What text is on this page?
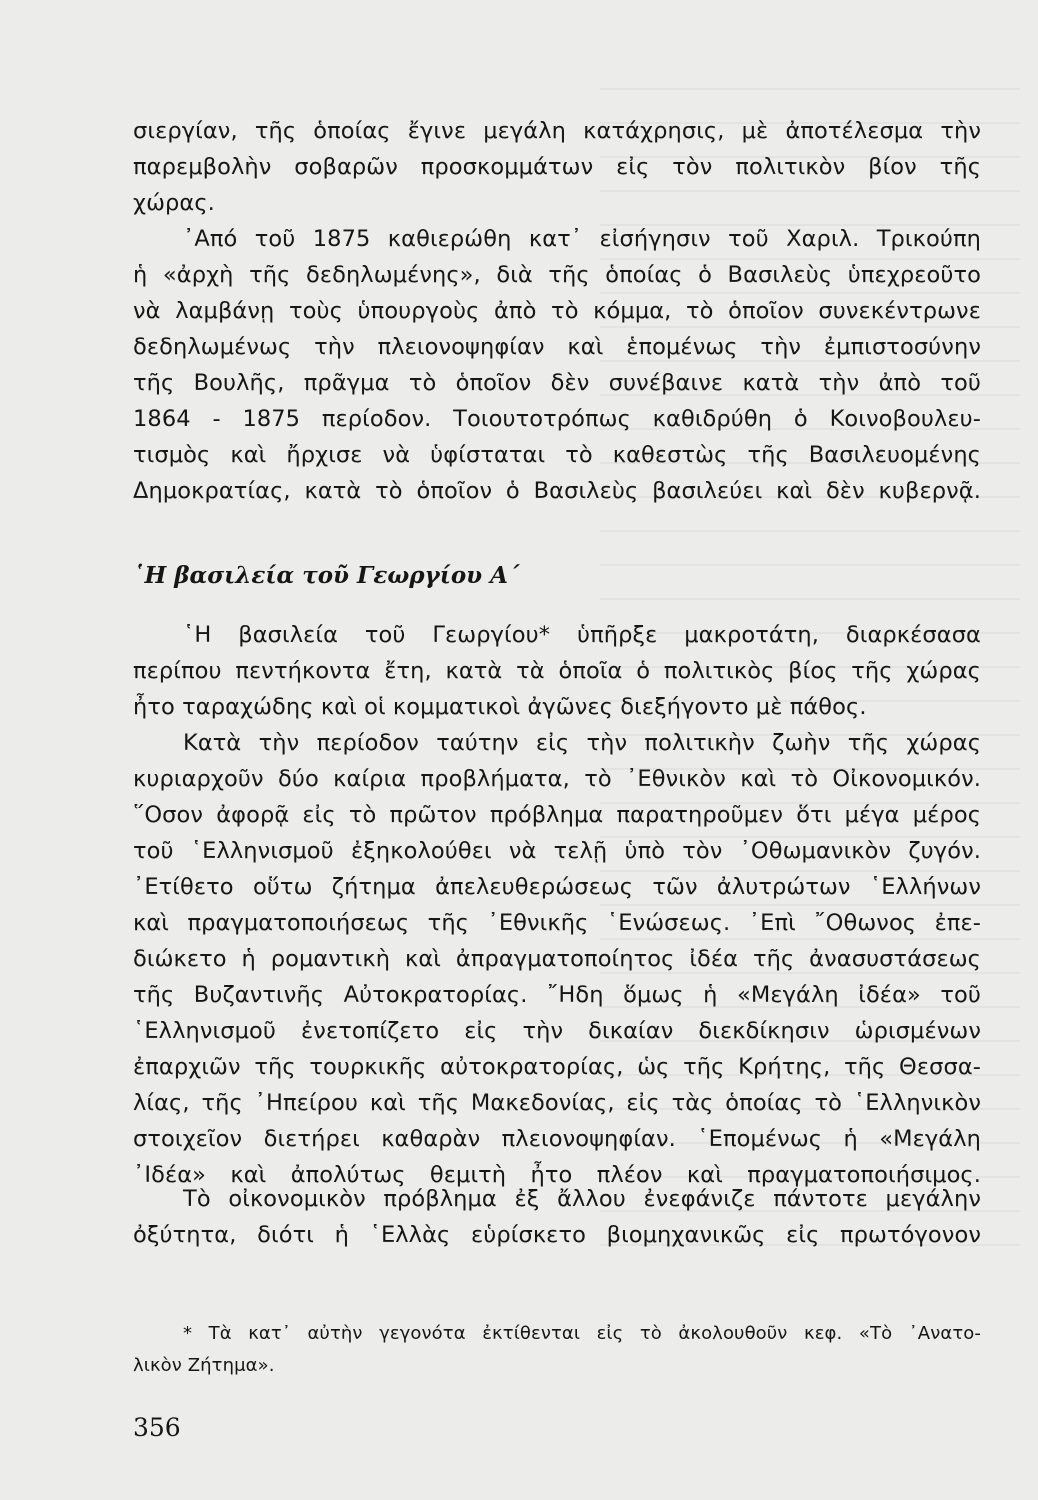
σιεργίαν, τῆς ὁποίας ἔγινε μεγάλη κατάχρησις, μὲ ἀποτέλεσμα τὴν
παρεμβολὴν σοβαρῶν προσκομμάτων εἰς τὸν πολιτικὸν βίον τῆς
χώρας.
᾿Από τοῦ 1875 καθιερώθη κατ᾿ εἰσήγησιν τοῦ Χαριλ. Τρικούπη
ἡ «ἀρχὴ τῆς δεδηλωμένης», διὰ τῆς ὁποίας ὁ Βασιλεὺς ὑπεχρεοῦτο
νὰ λαμβάνῃ τοὺς ὑπουργοὺς ἀπὸ τὸ κόμμα, τὸ ὁποῖον συνεκέντρωνε
δεδηλωμένως τὴν πλειονοψηφίαν καὶ ἑπομένως τὴν ἐμπιστοσύνην
τῆς Βουλῆς, πρᾶγμα τὸ ὁποῖον δὲν συνέβαινε κατὰ τὴν ἀπὸ τοῦ
1864 - 1875 περίοδον. Τοιουτοτρόπως καθιδρύθη ὁ Κοινοβουλευ-
τισμὸς καὶ ἤρχισε νὰ ὑφίσταται τὸ καθεστὼς τῆς Βασιλευομένης
Δημοκρατίας, κατὰ τὸ ὁποῖον ὁ Βασιλεὺς βασιλεύει καὶ δὲν κυβερνᾷ.
῾Η βασιλεία τοῦ Γεωργίου Α΄
῾Η βασιλεία τοῦ Γεωργίου* ὑπῆρξε μακροτάτη, διαρκέσασα
περίπου πεντήκοντα ἔτη, κατὰ τὰ ὁποῖα ὁ πολιτικὸς βίος τῆς χώρας
ἦτο ταραχώδης καὶ οἱ κομματικοὶ ἀγῶνες διεξήγοντο μὲ πάθος.
Κατὰ τὴν περίοδον ταύτην εἰς τὴν πολιτικὴν ζωὴν τῆς χώρας
κυριαρχοῦν δύο καίρια προβλήματα, τὸ ᾿Εθνικὸν καὶ τὸ Οἰκονομικόν.
῞Οσον ἀφορᾷ εἰς τὸ πρῶτον πρόβλημα παρατηροῦμεν ὅτι μέγα μέρος
τοῦ ῾Ελληνισμοῦ ἐξηκολούθει νὰ τελῇ ὑπὸ τὸν ᾿Οθωμανικὸν ζυγόν.
᾿Ετίθετο οὕτω ζήτημα ἀπελευθερώσεως τῶν ἀλυτρώτων ῾Ελλήνων
καὶ πραγματοποιήσεως τῆς ᾿Εθνικῆς ῾Ενώσεως. ᾿Επὶ ῎Οθωνος ἐπε-
διώκετο ἡ ρομαντικὴ καὶ ἀπραγματοποίητος ἰδέα τῆς ἀνασυστάσεως
τῆς Βυζαντινῆς Αὐτοκρατορίας. ῎Ηδη ὅμως ἡ «Μεγάλη ἰδέα» τοῦ
῾Ελληνισμοῦ ἐνετοπίζετο εἰς τὴν δικαίαν διεκδίκησιν ὡρισμένων
ἐπαρχιῶν τῆς τουρκικῆς αὐτοκρατορίας, ὡς τῆς Κρήτης, τῆς Θεσσα-
λίας, τῆς ᾿Ηπείρου καὶ τῆς Μακεδονίας, εἰς τὰς ὁποίας τὸ ῾Ελληνικὸν
στοιχεῖον διετήρει καθαρὰν πλειονοψηφίαν. ῾Επομένως ἡ «Μεγάλη
᾿Ιδέα» καὶ ἀπολύτως θεμιτὴ ἦτο πλέον καὶ πραγματοποιήσιμος.
Τὸ οἰκονομικὸν πρόβλημα ἐξ ἄλλου ἐνεφάνιζε πάντοτε μεγάλην
ὀξύτητα, διότι ἡ ῾Ελλὰς εὑρίσκετο βιομηχανικῶς εἰς πρωτόγονον
* Τὰ κατ᾿ αὐτὴν γεγονότα ἐκτίθενται εἰς τὸ ἀκολουθοῦν κεφ. «Τὸ ᾿Ανατο-
λικὸν Ζήτημα».
356
